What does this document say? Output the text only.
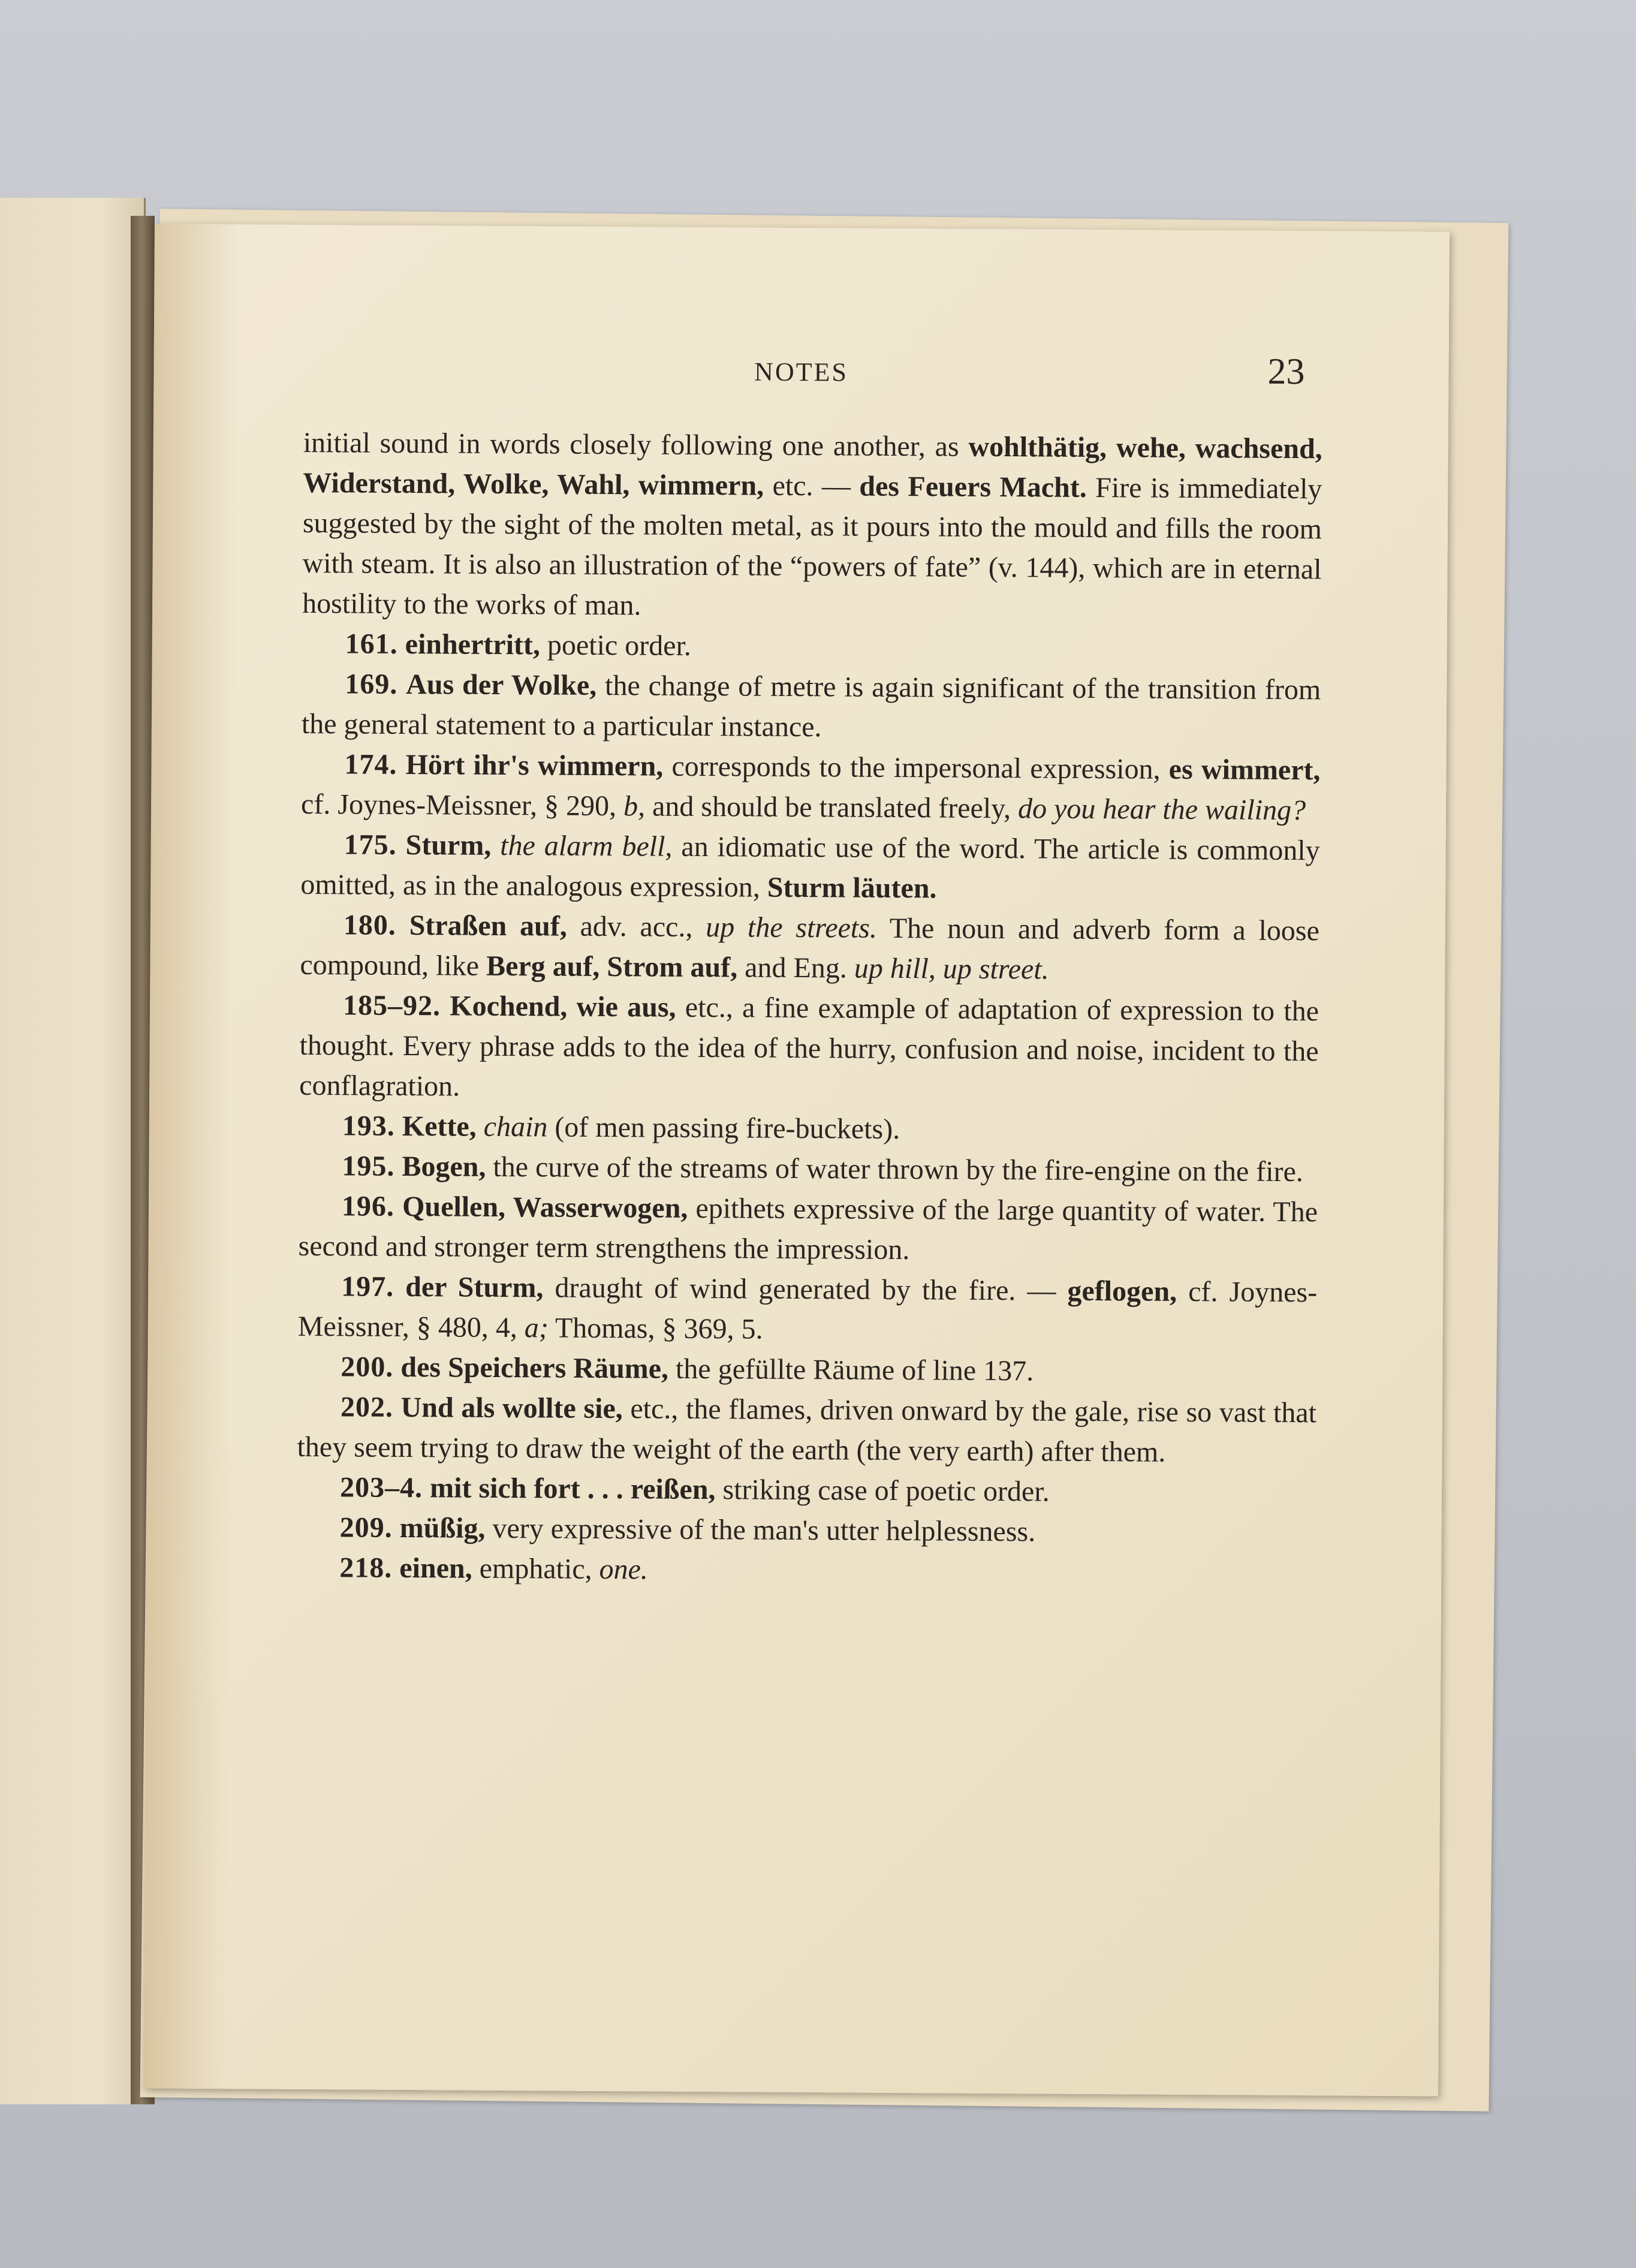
NOTES	23

initial sound in words closely following one another, as wohlthätig, wehe, wachsend, Widerstand, Wolke, Wahl, wimmern, etc. — des Feuers Macht. Fire is immediately suggested by the sight of the molten metal, as it pours into the mould and fills the room with steam. It is also an illustration of the “powers of fate” (v. 144), which are in eternal hostility to the works of man.

161. einhertritt, poetic order.

169. Aus der Wolke, the change of metre is again significant of the transition from the general statement to a particular instance.

174. Hört ihr's wimmern, corresponds to the impersonal expression, es wimmert, cf. Joynes-Meissner, § 290, b, and should be translated freely, do you hear the wailing?

175. Sturm, the alarm bell, an idiomatic use of the word. The article is commonly omitted, as in the analogous expression, Sturm läuten.

180. Straßen auf, adv. acc., up the streets. The noun and adverb form a loose compound, like Berg auf, Strom auf, and Eng. up hill, up street.

185–92. Kochend, wie aus, etc., a fine example of adaptation of expression to the thought. Every phrase adds to the idea of the hurry, confusion and noise, incident to the conflagration.

193. Kette, chain (of men passing fire-buckets).

195. Bogen, the curve of the streams of water thrown by the fire-engine on the fire.

196. Quellen, Wasserwogen, epithets expressive of the large quantity of water. The second and stronger term strengthens the impression.

197. der Sturm, draught of wind generated by the fire. — geflogen, cf. Joynes-Meissner, § 480, 4, a; Thomas, § 369, 5.

200. des Speichers Räume, the gefüllte Räume of line 137.

202. Und als wollte sie, etc., the flames, driven onward by the gale, rise so vast that they seem trying to draw the weight of the earth (the very earth) after them.

203–4. mit sich fort . . . reißen, striking case of poetic order.

209. müßig, very expressive of the man's utter helplessness.

218. einen, emphatic, one.
